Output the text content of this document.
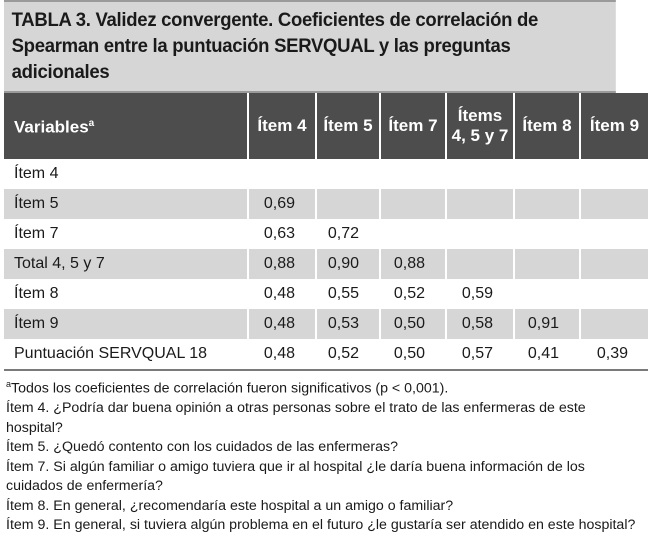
TABLA 3. Validez convergente. Coeficientes de correlación de
Spearman entre la puntuación SERVQUAL y las preguntas adicionales
Variables$^a$	Ítem 4	Ítem 5	Ítem 7	Ítems 4, 5 y 7	Ítem 8	Ítem 9
Ítem 4						
Ítem 5	0,69					
Ítem 7	0,63	0,72				
Total 4, 5 y 7	0,88	0,90	0,88			
Ítem 8	0,48	0,55	0,52	0,59		
Ítem 9	0,48	0,53	0,50	0,58	0,91	
Puntuación SERVQUAL 18	0,48	0,52	0,50	0,57	0,41	0,39

$^a$Todos los coeficientes de correlación fueron significativos (p < 0,001).

Ítem 4. ¿Podría dar buena opinión a otras personas sobre el trato de las enfermeras de este hospital?

Ítem 5. ¿Quedó contento con los cuidados de las enfermeras?

Ítem 7. Si algún familiar o amigo tuviera que ir al hospital ¿le daría buena información de los cuidados de enfermería?

Ítem 8. En general, ¿recomendaría este hospital a un amigo o familiar?

Ítem 9. En general, si tuviera algún problema en el futuro ¿le gustaría ser atendido en este hospital?
